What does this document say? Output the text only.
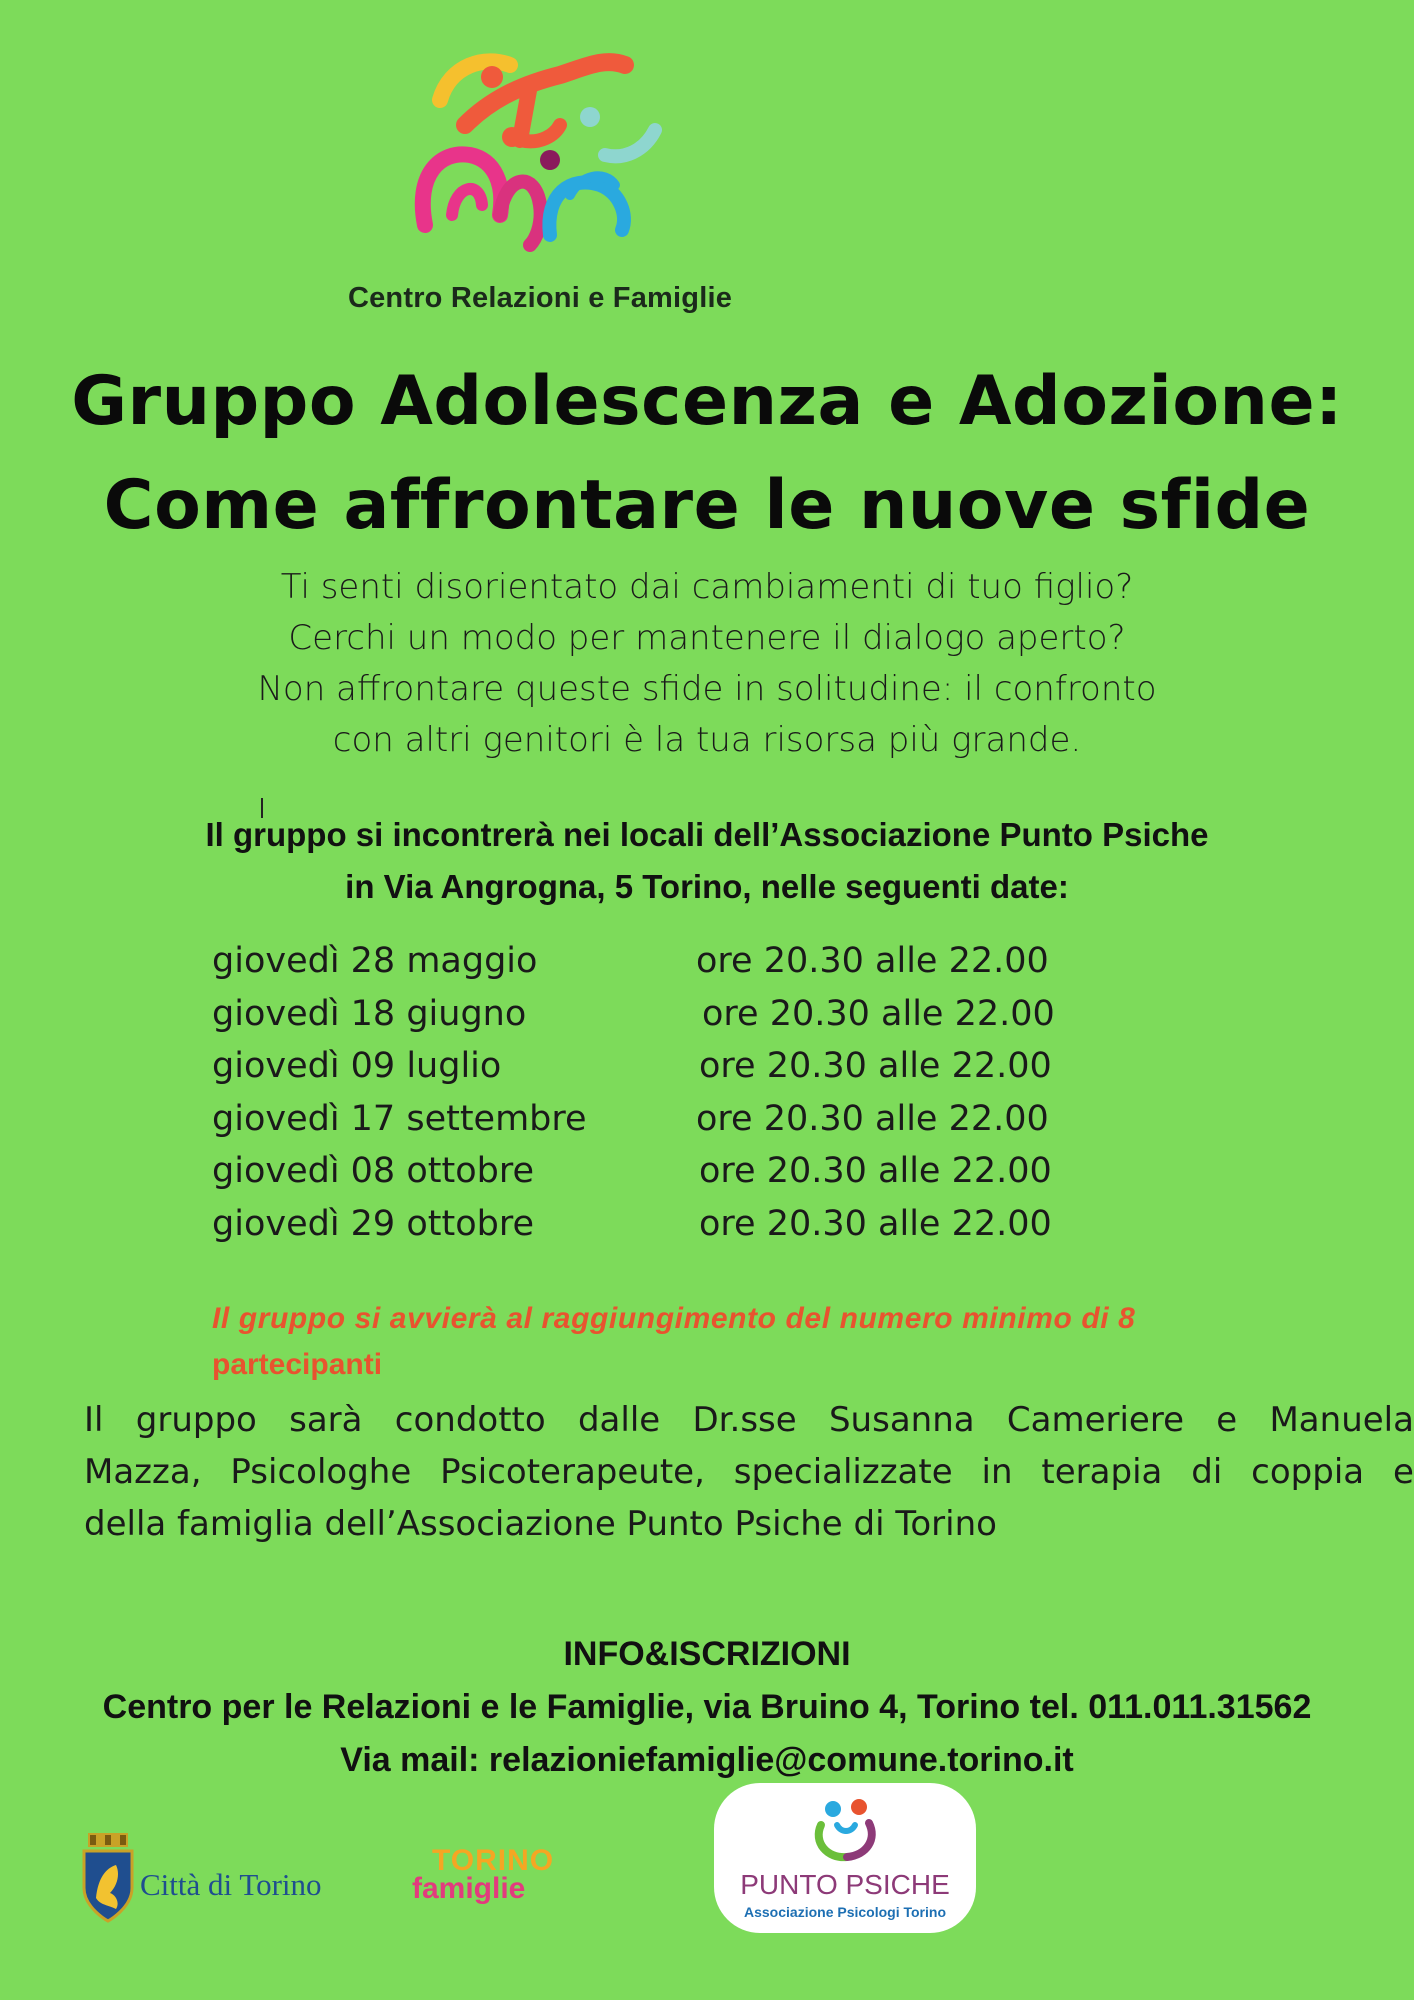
Centro Relazioni e Famiglie
Gruppo Adolescenza e Adozione:
Come affrontare le nuove sfide
Ti senti disorientato dai cambiamenti di tuo figlio?
Cerchi un modo per mantenere il dialogo aperto?
Non affrontare queste sfide in solitudine: il confronto
con altri genitori è la tua risorsa più grande.
Il gruppo si incontrerà nei locali dell’Associazione Punto Psiche
in Via Angrogna, 5 Torino, nelle seguenti date:
giovedì 28 maggio	ore 20.30 alle 22.00
giovedì 18 giugno	ore 20.30 alle 22.00
giovedì 09 luglio	ore 20.30 alle 22.00
giovedì 17 settembre	ore 20.30 alle 22.00
giovedì 08 ottobre	ore 20.30 alle 22.00
giovedì 29 ottobre	ore 20.30 alle 22.00
Il gruppo si avvierà al raggiungimento del numero minimo di 8
partecipanti
Il gruppo sarà condotto dalle Dr.sse Susanna Cameriere e Manuela
Mazza, Psicologhe Psicoterapeute, specializzate in terapia di coppia e
della famiglia dell’Associazione Punto Psiche di Torino
INFO&ISCRIZIONI
Centro per le Relazioni e le Famiglie, via Bruino 4, Torino tel. 011.011.31562
Via mail: relazioniefamiglie@comune.torino.it
Città di Torino
TORINO
famiglie	PUNTO PSICHE
Associazione Psicologi Torino
